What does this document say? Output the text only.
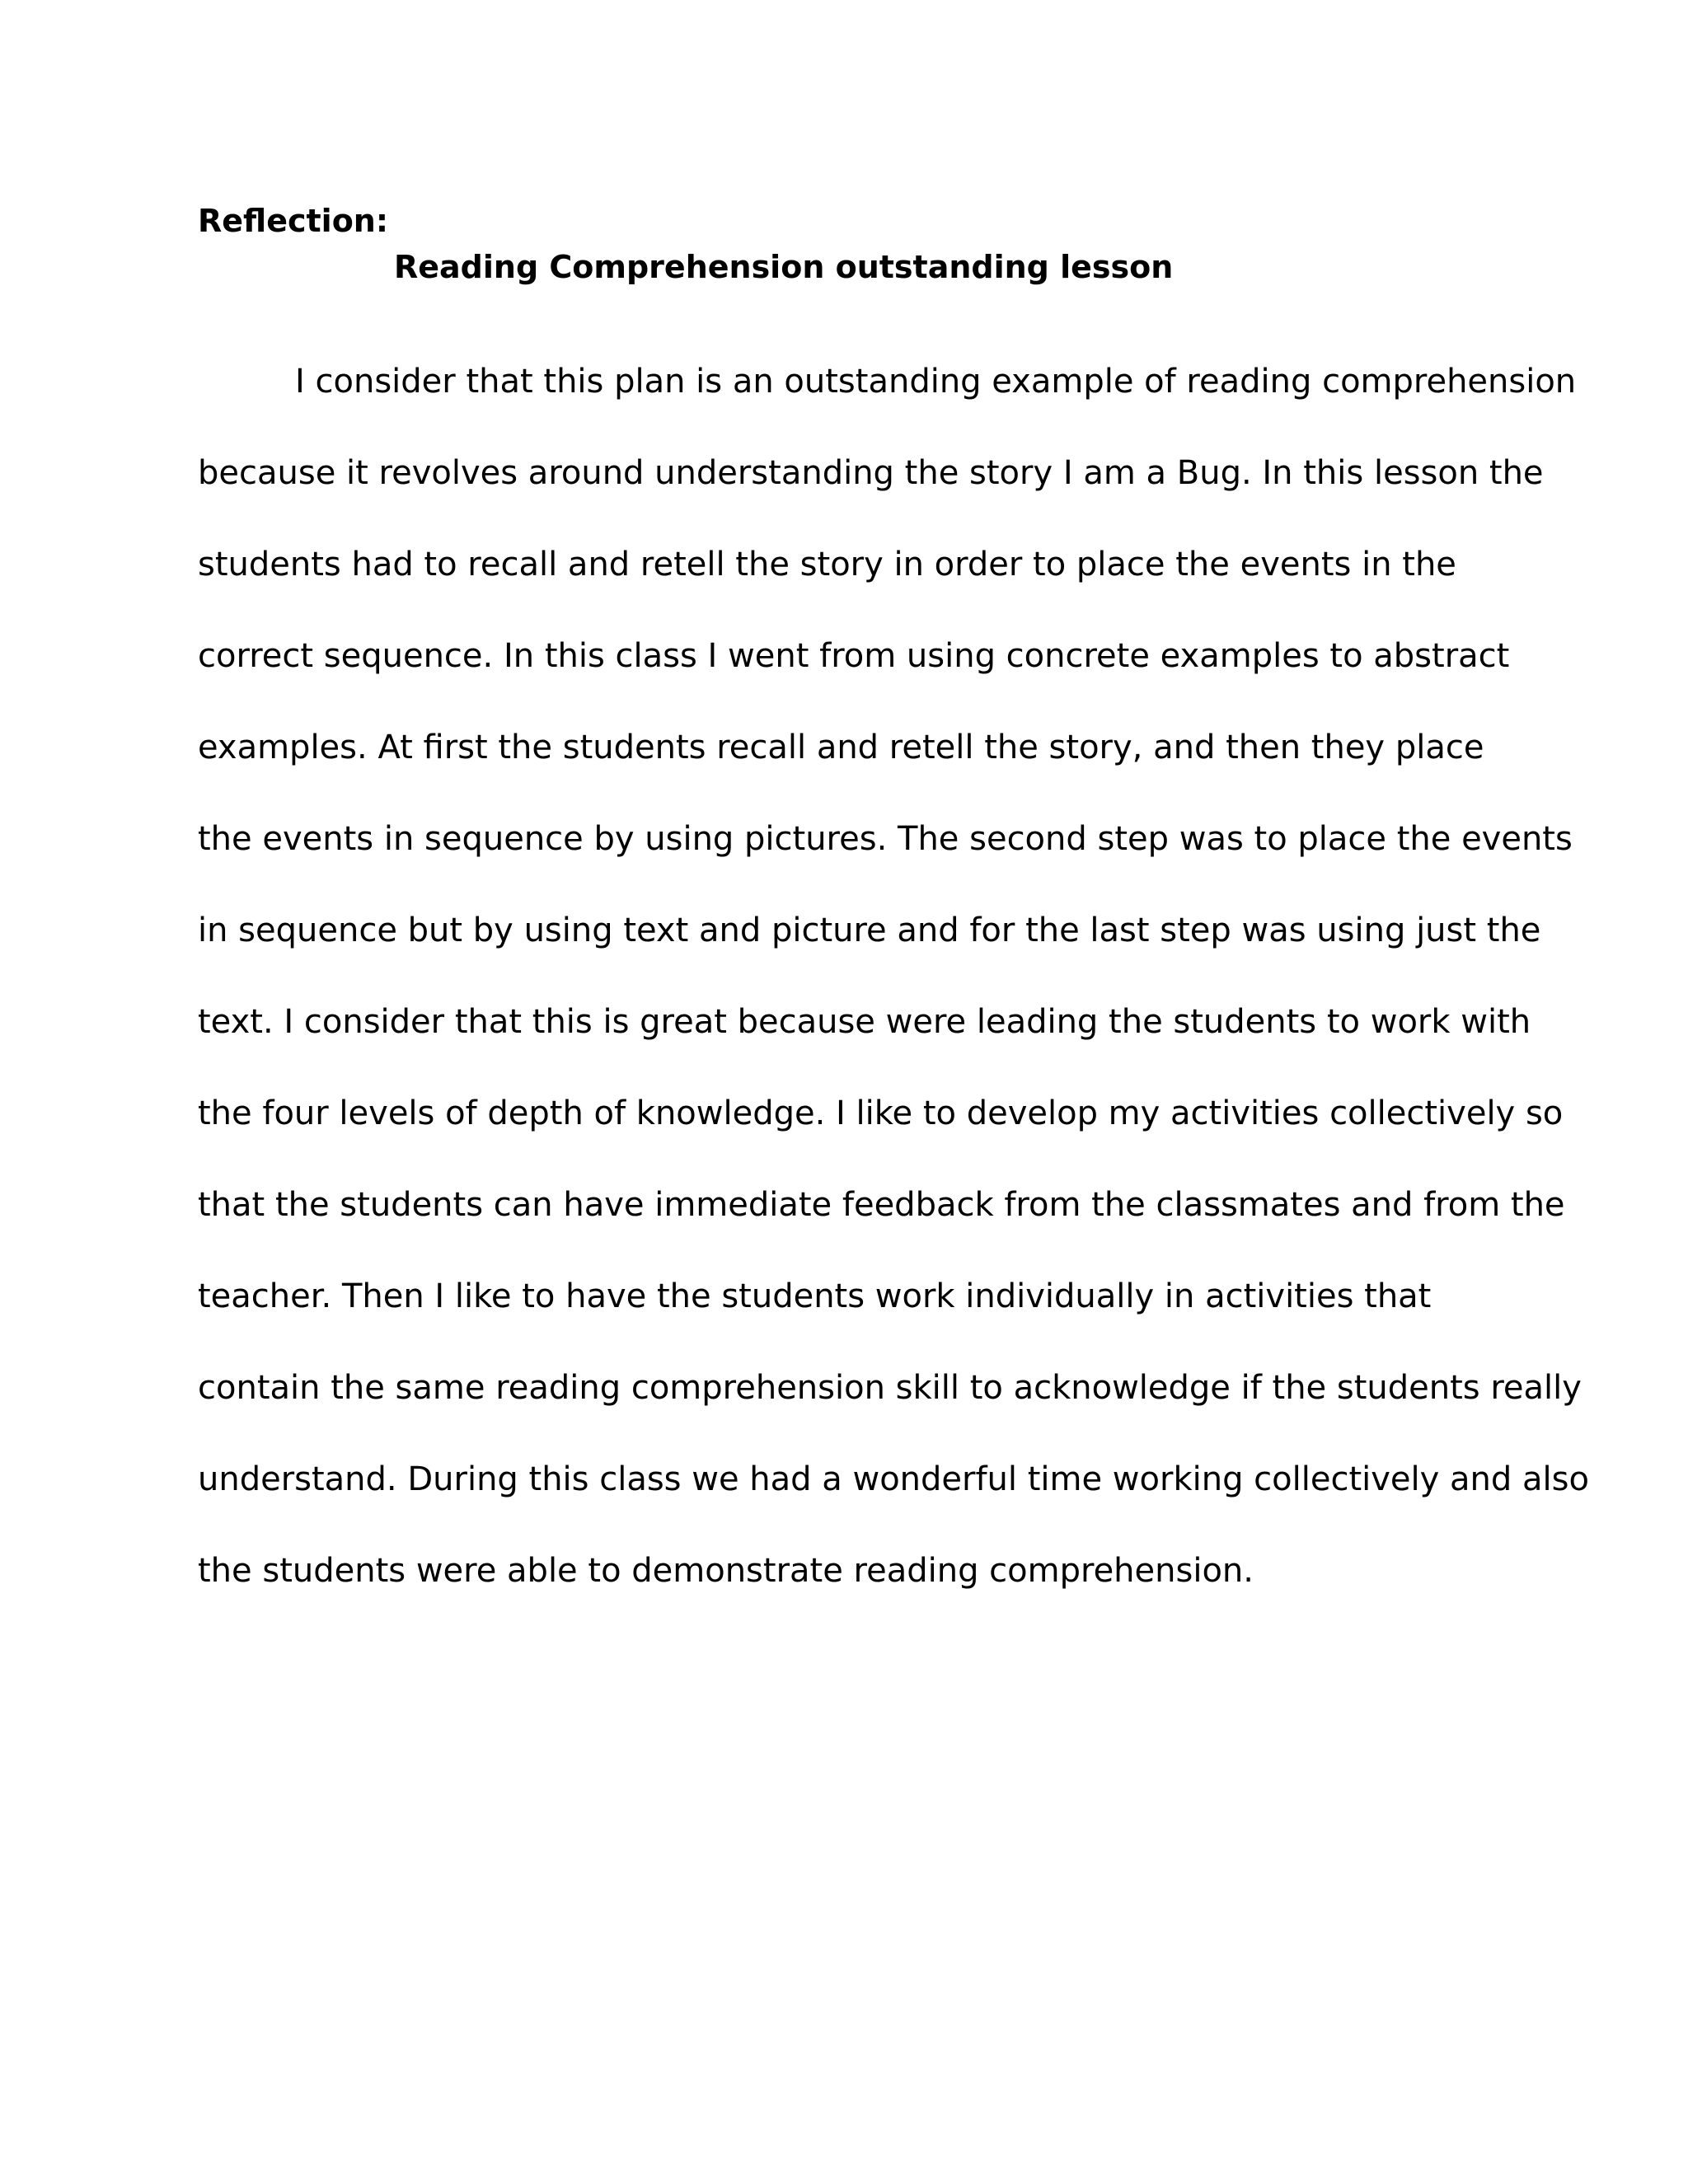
Reflection:
Reading Comprehension outstanding lesson
I consider that this plan is an outstanding example of reading comprehension
because it revolves around understanding the story I am a Bug. In this lesson the
students had to recall and retell the story in order to place the events in the
correct sequence. In this class I went from using concrete examples to abstract
examples. At first the students recall and retell the story, and then they place
the events in sequence by using pictures. The second step was to place the events
in sequence but by using text and picture and for the last step was using just the
text. I consider that this is great because were leading the students to work with
the four levels of depth of knowledge. I like to develop my activities collectively so
that the students can have immediate feedback from the classmates and from the
teacher. Then I like to have the students work individually in activities that
contain the same reading comprehension skill to acknowledge if the students really
understand. During this class we had a wonderful time working collectively and also
the students were able to demonstrate reading comprehension.
